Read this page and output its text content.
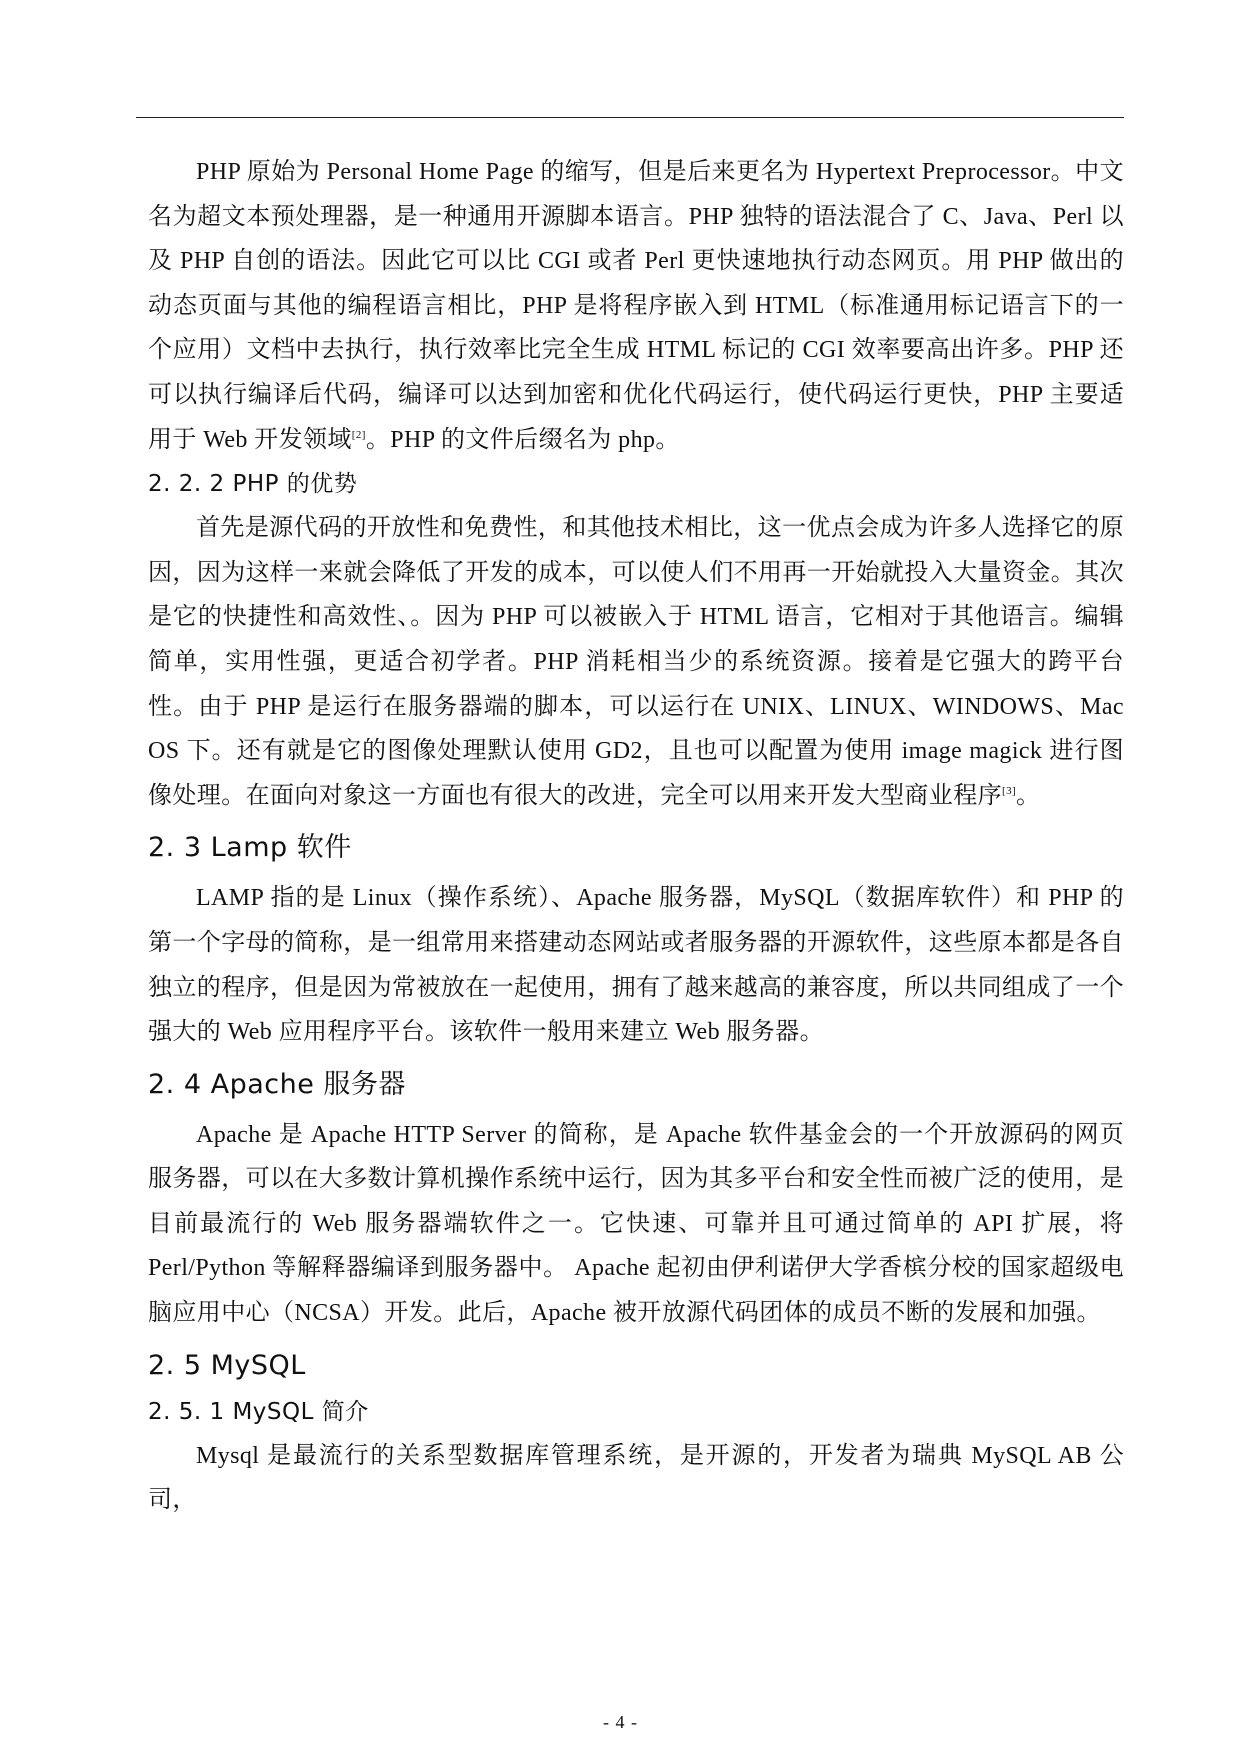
PHP 原始为 Personal Home Page 的缩写，但是后来更名为 Hypertext Preprocessor。中文名为超文本预处理器，是一种通用开源脚本语言。PHP 独特的语法混合了 C、Java、Perl 以及 PHP 自创的语法。因此它可以比 CGI 或者 Perl 更快速地执行动态网页。用 PHP 做出的动态页面与其他的编程语言相比，PHP 是将程序嵌入到 HTML（标准通用标记语言下的一个应用）文档中去执行，执行效率比完全生成 HTML 标记的 CGI 效率要高出许多。PHP 还可以执行编译后代码，编译可以达到加密和优化代码运行，使代码运行更快，PHP 主要适用于 Web 开发领域[2]。PHP 的文件后缀名为 php。

2. 2. 2 PHP 的优势

首先是源代码的开放性和免费性，和其他技术相比，这一优点会成为许多人选择它的原因，因为这样一来就会降低了开发的成本，可以使人们不用再一开始就投入大量资金。其次是它的快捷性和高效性、。因为 PHP 可以被嵌入于 HTML 语言，它相对于其他语言。编辑简单，实用性强，更适合初学者。PHP 消耗相当少的系统资源。接着是它强大的跨平台性。由于 PHP 是运行在服务器端的脚本，可以运行在 UNIX、LINUX、WINDOWS、Mac OS 下。还有就是它的图像处理默认使用 GD2，且也可以配置为使用 image magick 进行图像处理。在面向对象这一方面也有很大的改进，完全可以用来开发大型商业程序[3]。

2. 3 Lamp 软件

LAMP 指的是 Linux（操作系统）、Apache 服务器，MySQL（数据库软件）和 PHP 的第一个字母的简称，是一组常用来搭建动态网站或者服务器的开源软件，这些原本都是各自独立的程序，但是因为常被放在一起使用，拥有了越来越高的兼容度，所以共同组成了一个强大的 Web 应用程序平台。该软件一般用来建立 Web 服务器。

2. 4 Apache 服务器

Apache 是 Apache HTTP Server 的简称，是 Apache 软件基金会的一个开放源码的网页服务器，可以在大多数计算机操作系统中运行，因为其多平台和安全性而被广泛的使用，是目前最流行的 Web 服务器端软件之一。它快速、可靠并且可通过简单的 API 扩展，将 Perl/Python 等解释器编译到服务器中。 Apache 起初由伊利诺伊大学香槟分校的国家超级电脑应用中心（NCSA）开发。此后，Apache 被开放源代码团体的成员不断的发展和加强。

2. 5 MySQL
2. 5. 1 MySQL 简介

Mysql 是最流行的关系型数据库管理系统，是开源的，开发者为瑞典 MySQL AB 公司，

- 4 -
